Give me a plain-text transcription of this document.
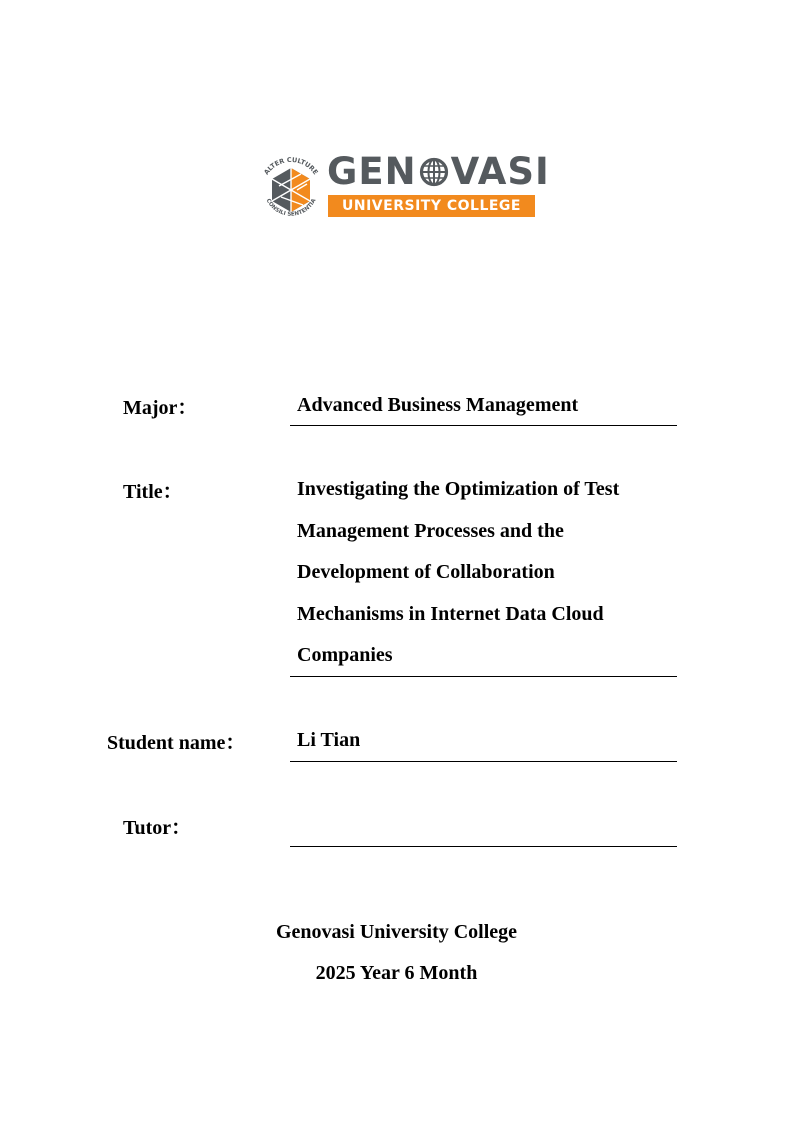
ALTER CULTURE
CONSILI SENTENTIA
GEN VASI
UNIVERSITY COLLEGE
Major：	Advanced Business Management
Title：	Investigating the Optimization of Test
Management Processes and the
Development of Collaboration
Mechanisms in Internet Data Cloud
Companies
Student name：	Li Tian
Tutor：
Genovasi University College
2025 Year 6 Month
